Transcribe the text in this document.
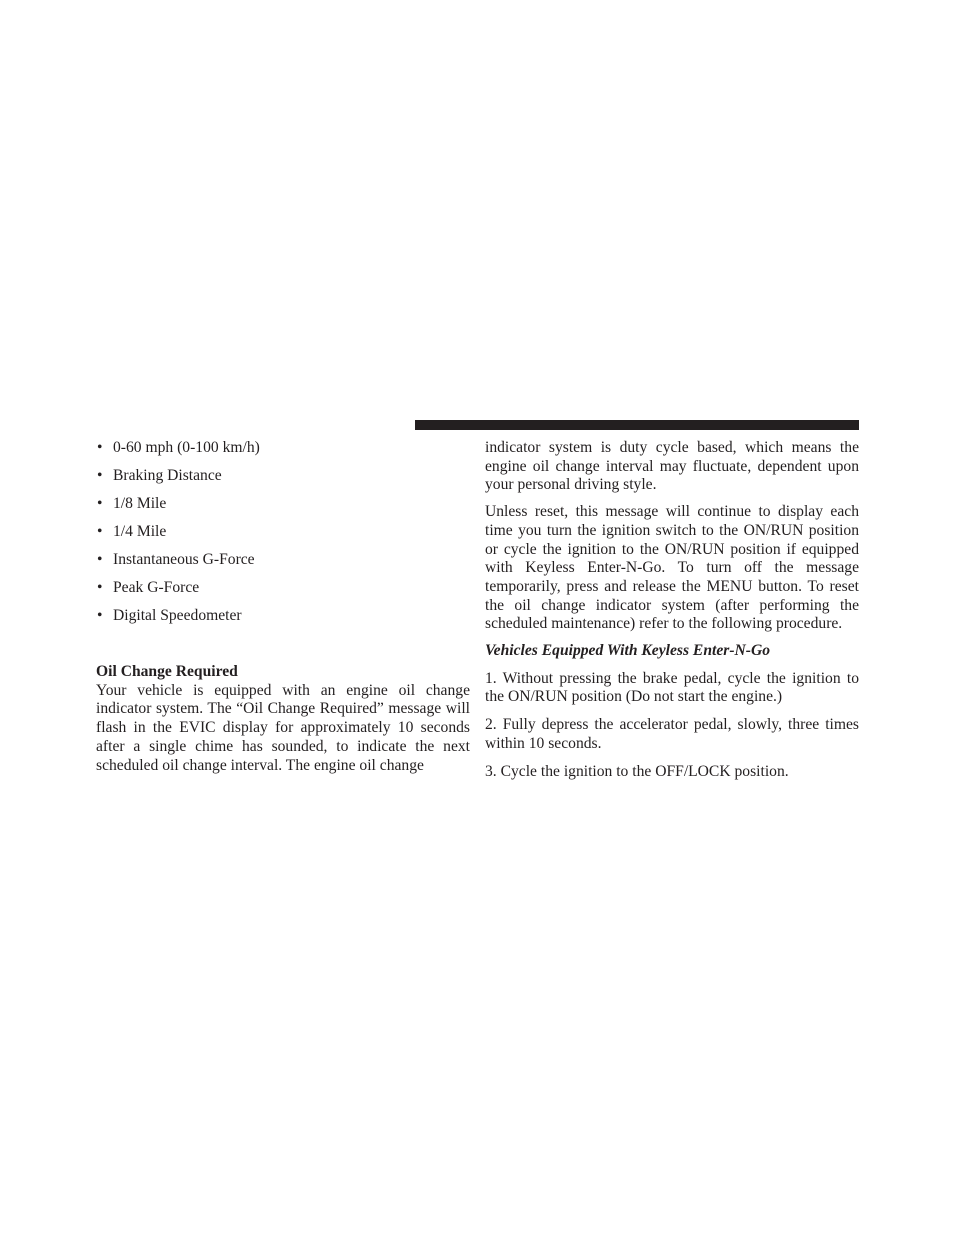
• 0-60 mph (0-100 km/h)
• Braking Distance
• 1/8 Mile
• 1/4 Mile
• Instantaneous G-Force
• Peak G-Force
• Digital Speedometer

Oil Change Required

Your vehicle is equipped with an engine oil change indicator system. The “Oil Change Required” message will flash in the EVIC display for approximately 10 seconds after a single chime has sounded, to indicate the next scheduled oil change interval. The engine oil change

indicator system is duty cycle based, which means the engine oil change interval may fluctuate, dependent upon your personal driving style.

Unless reset, this message will continue to display each time you turn the ignition switch to the ON/RUN position or cycle the ignition to the ON/RUN position if equipped with Keyless Enter-N-Go. To turn off the message temporarily, press and release the MENU button. To reset the oil change indicator system (after performing the scheduled maintenance) refer to the following procedure.

Vehicles Equipped With Keyless Enter-N-Go

1. Without pressing the brake pedal, cycle the ignition to the ON/RUN position (Do not start the engine.)

2. Fully depress the accelerator pedal, slowly, three times within 10 seconds.

3. Cycle the ignition to the OFF/LOCK position.
